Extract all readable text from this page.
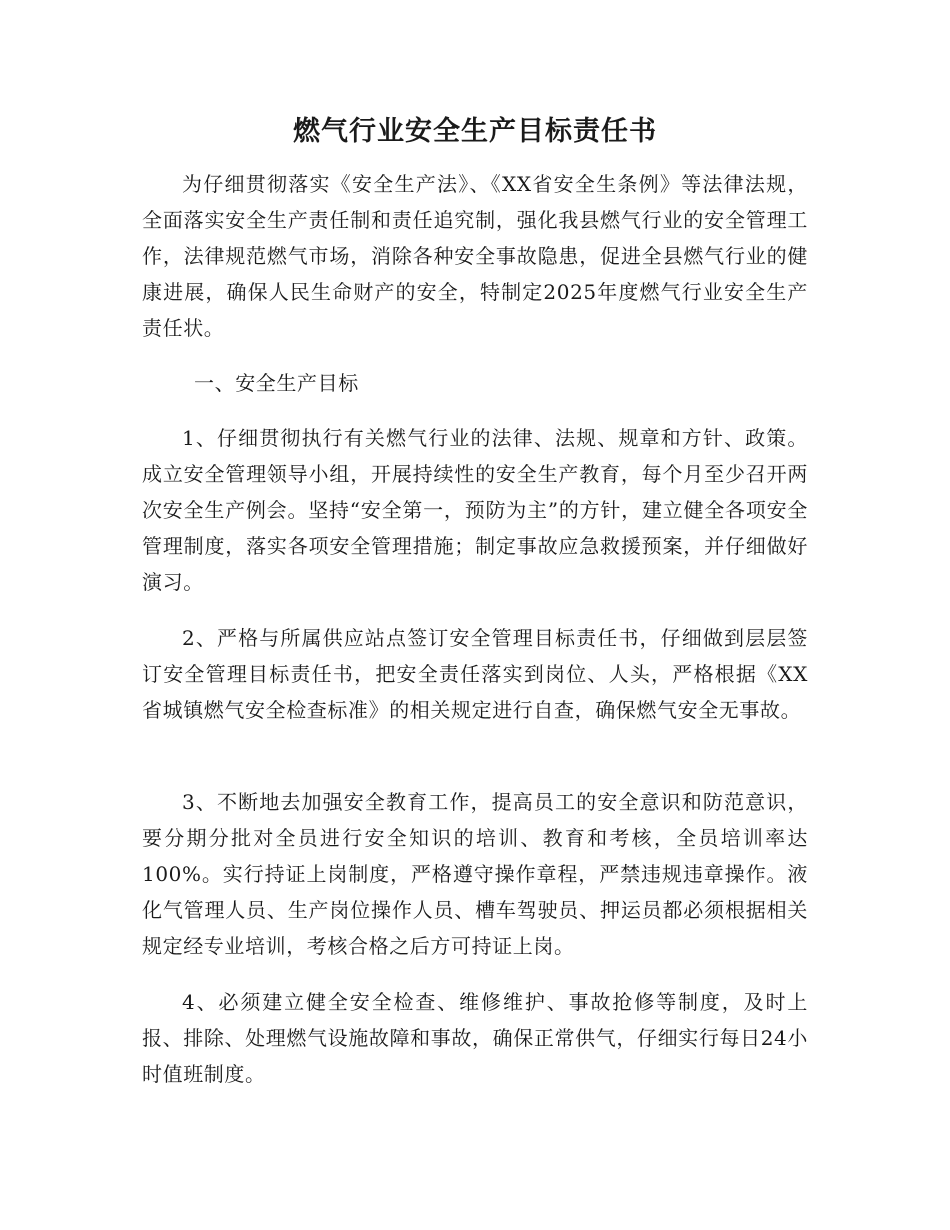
燃气行业安全生产目标责任书

为仔细贯彻落实《安全生产法》、《XX省安全生条例》等法律法规，全面落实安全生产责任制和责任追究制，强化我县燃气行业的安全管理工作，法律规范燃气市场，消除各种安全事故隐患，促进全县燃气行业的健康进展，确保人民生命财产的安全，特制定2025年度燃气行业安全生产责任状。

一、安全生产目标

1、仔细贯彻执行有关燃气行业的法律、法规、规章和方针、政策。成立安全管理领导小组，开展持续性的安全生产教育，每个月至少召开两次安全生产例会。坚持“安全第一，预防为主”的方针，建立健全各项安全管理制度，落实各项安全管理措施；制定事故应急救援预案，并仔细做好演习。

2、严格与所属供应站点签订安全管理目标责任书，仔细做到层层签订安全管理目标责任书，把安全责任落实到岗位、人头，严格根据《XX省城镇燃气安全检查标准》的相关规定进行自查，确保燃气安全无事故。

3、不断地去加强安全教育工作，提高员工的安全意识和防范意识，要分期分批对全员进行安全知识的培训、教育和考核，全员培训率达100%。实行持证上岗制度，严格遵守操作章程，严禁违规违章操作。液化气管理人员、生产岗位操作人员、槽车驾驶员、押运员都必须根据相关规定经专业培训，考核合格之后方可持证上岗。

4、必须建立健全安全检查、维修维护、事故抢修等制度，及时上报、排除、处理燃气设施故障和事故，确保正常供气，仔细实行每日24小时值班制度。
